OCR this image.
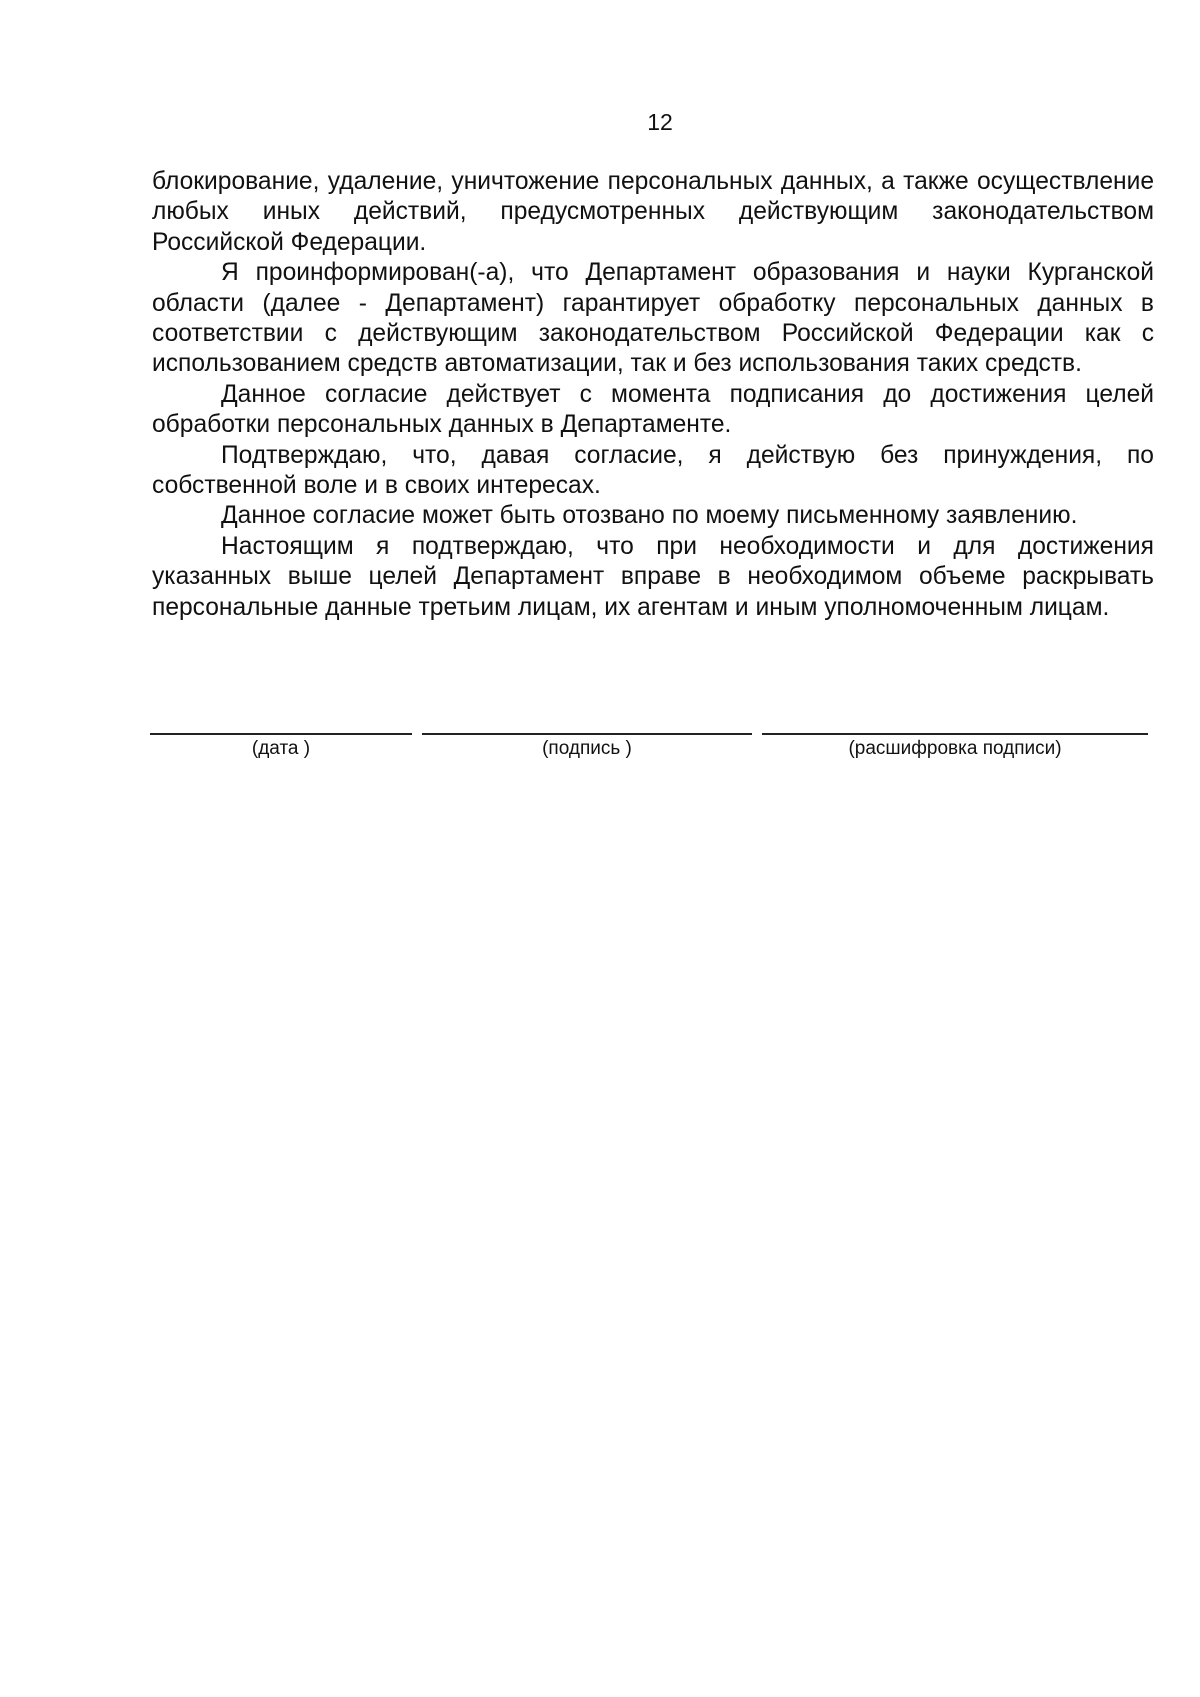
12

блокирование, удаление, уничтожение персональных данных, а также осуществление любых иных действий, предусмотренных действующим законодательством Российской Федерации.

Я проинформирован(-а), что Департамент образования и науки Курганской области (далее - Департамент) гарантирует обработку персональных данных в соответствии с действующим законодательством Российской Федерации как с использованием средств автоматизации, так и без использования таких средств.

Данное согласие действует с момента подписания до достижения целей обработки персональных данных в Департаменте.

Подтверждаю, что, давая согласие, я действую без принуждения, по собственной воле и в своих интересах.

Данное согласие может быть отозвано по моему письменному заявлению.

Настоящим я подтверждаю, что при необходимости и для достижения указанных выше целей Департамент вправе в необходимом объеме раскрывать персональные данные третьим лицам, их агентам и иным уполномоченным лицам.

(дата )	(подпись )	(расшифровка подписи)
